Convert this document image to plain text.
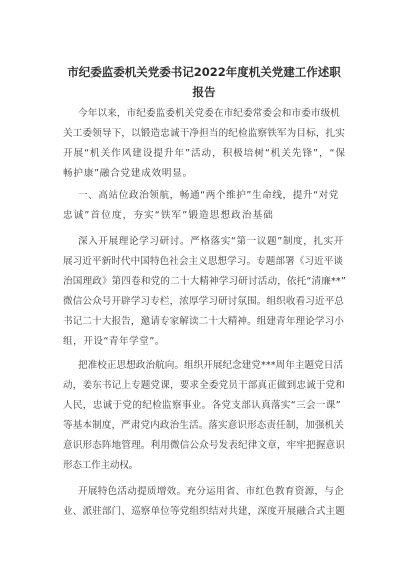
市纪委监委机关党委书记2022年度机关党建工作述职
报告
今年以来，市纪委监委机关党委在市纪委常委会和市委市级机
关工委领导下，以锻造忠诚干净担当的纪检监察铁军为目标，扎实
开展“机关作风建设提升年”活动，积极培树“机关先锋”，“保
畅护康”融合党建成效明显。
一、高站位政治领航，畅通“两个维护”生命线，提升“对党
忠诚”首位度，夯实“铁军”锻造思想政治基础
深入开展理论学习研讨。严格落实“第一议题”制度，扎实开
展习近平新时代中国特色社会主义思想学习。专题部署《习近平谈
治国理政》第四卷和党的二十大精神学习研讨活动，依托“清廉**”
微信公众号开辟学习专栏，浓厚学习研讨氛围。组织收看习近平总
书记二十大报告，邀请专家解读二十大精神。组建青年理论学习小
组，开设“青年学堂”。
把准校正思想政治航向。组织开展纪念建党***周年主题党日活
动，姜东书记上专题党课，要求全委党员干部真正做到忠诚于党和
人民，忠诚于党的纪检监察事业。各党支部认真落实“三会一课”
等基本制度，严肃党内政治生活。落实意识形态责任制，加强机关
意识形态阵地管理。利用微信公众号发表纪律文章，牢牢把握意识
形态工作主动权。
开展特色活动提质增效。充分运用省、市红色教育资源，与企
业、派驻部门、巡察单位等党组织结对共建，深度开展融合式主题
